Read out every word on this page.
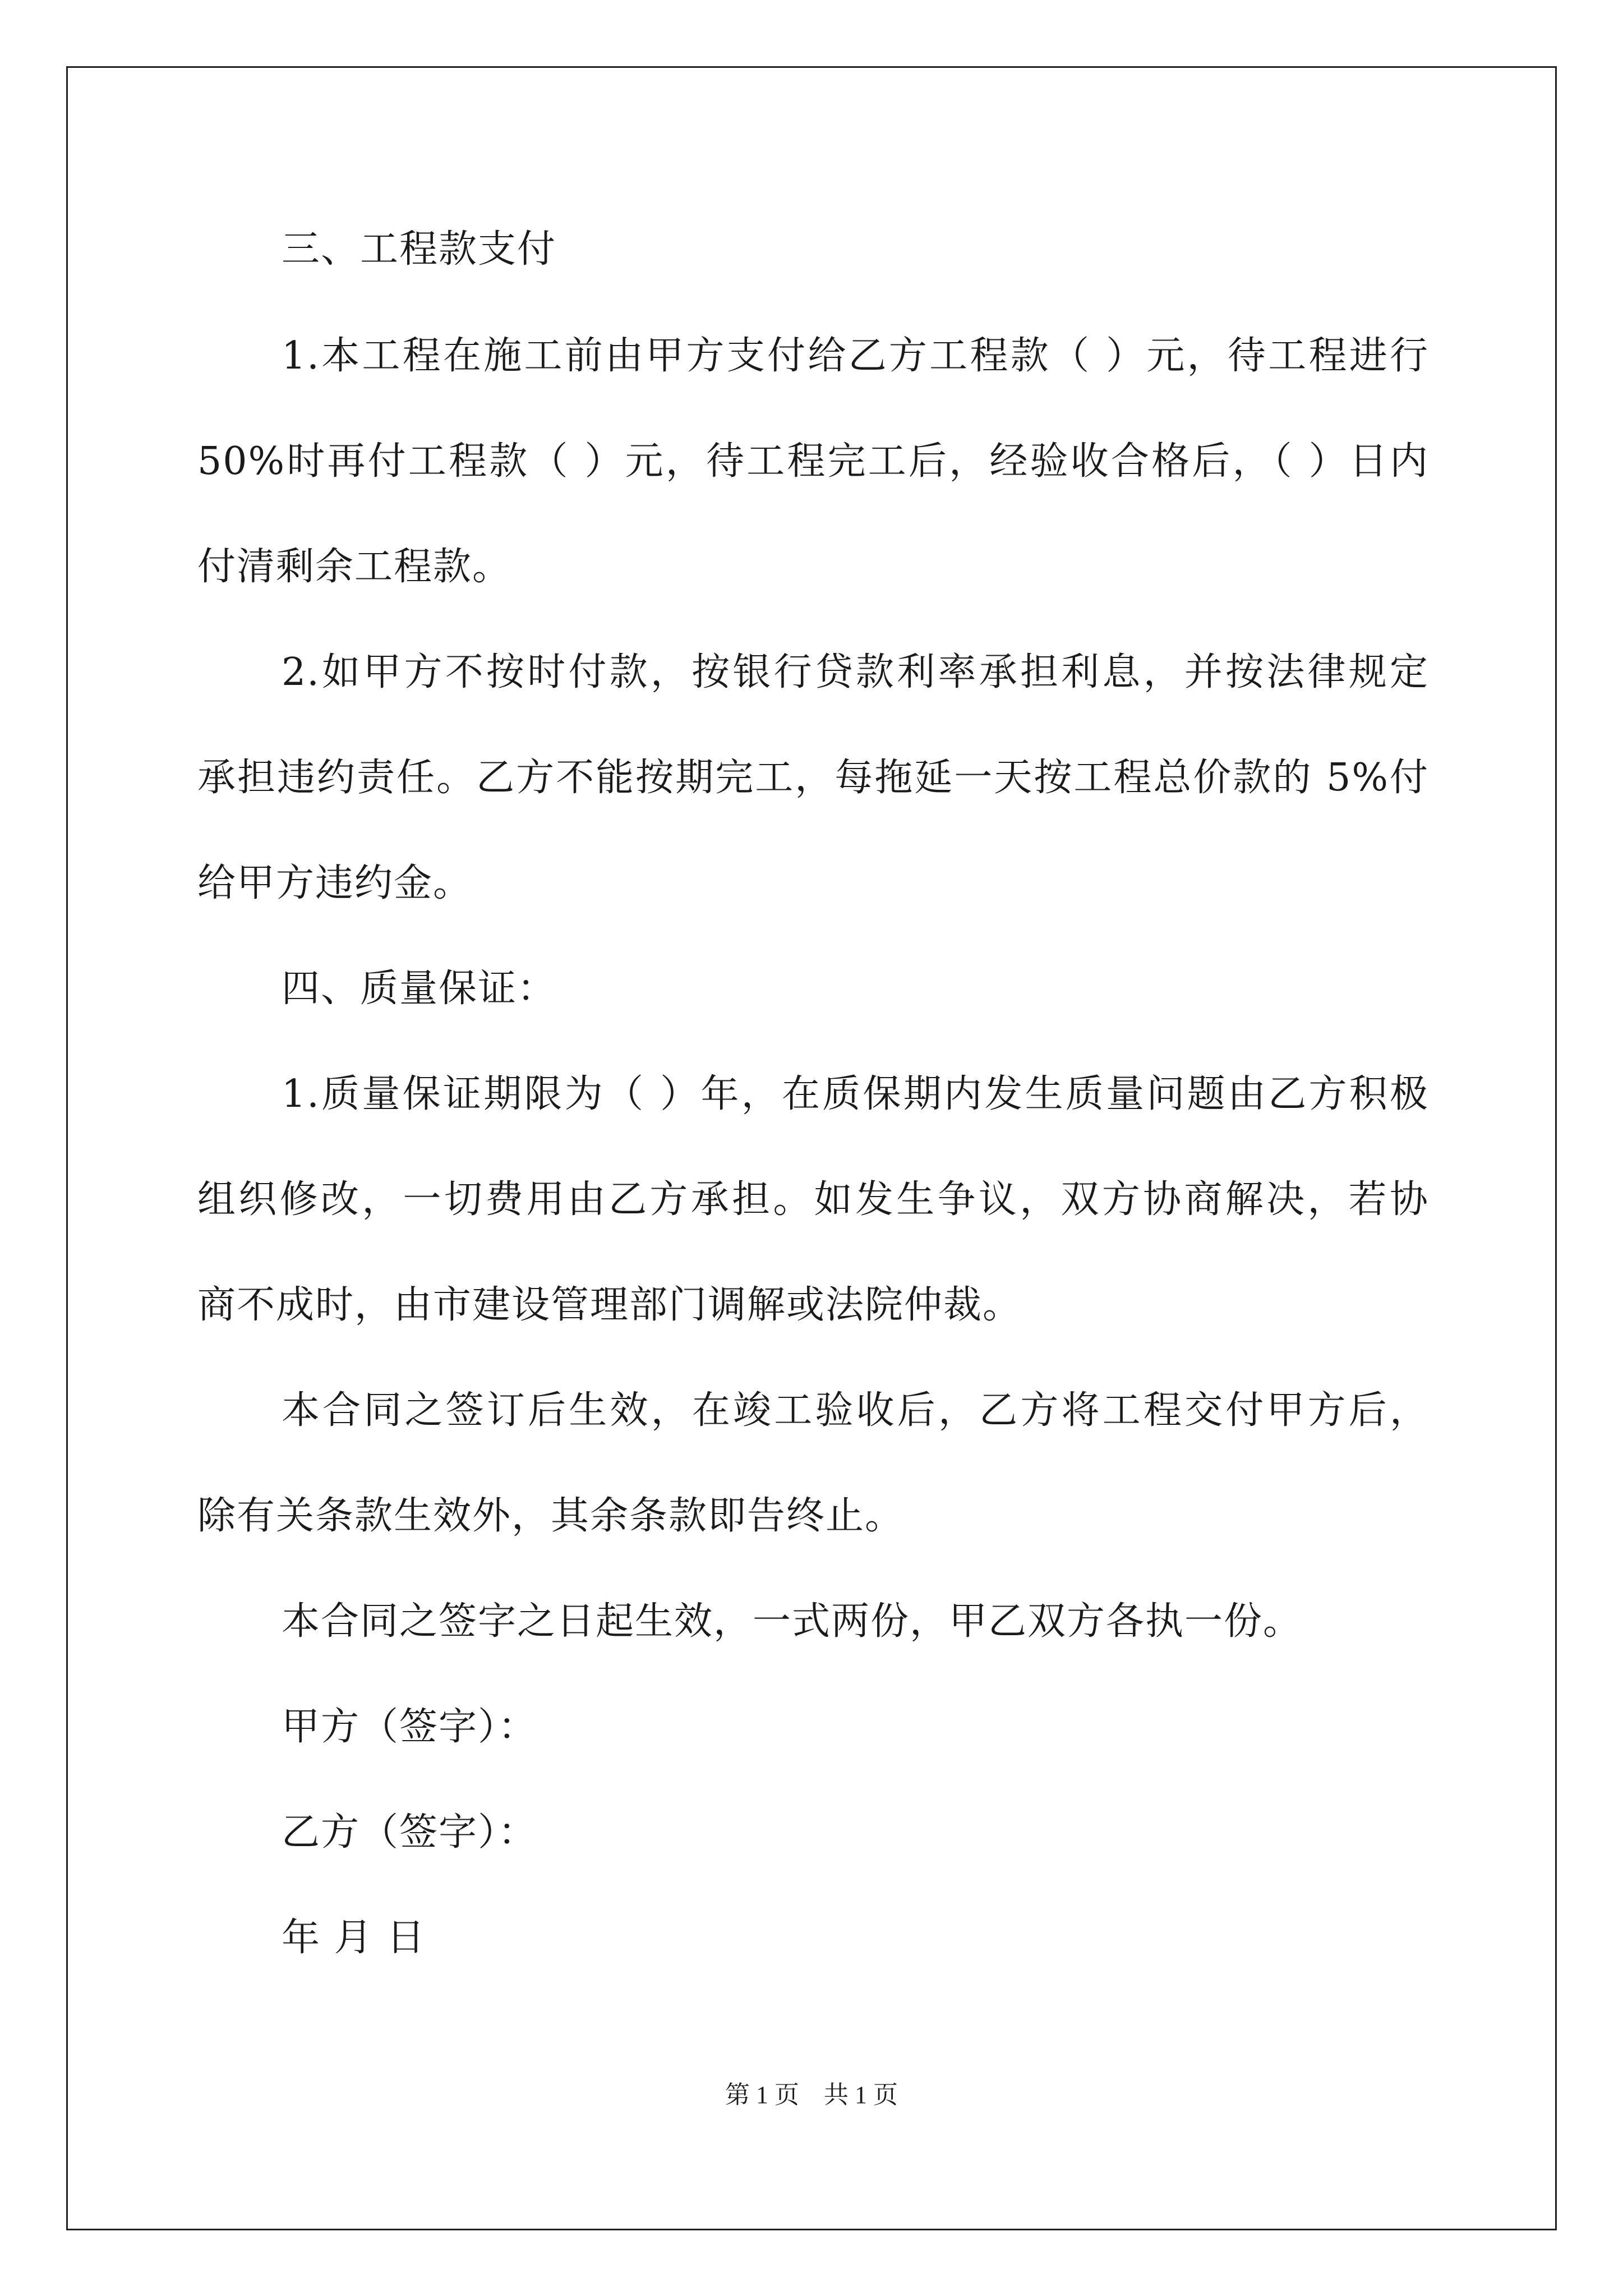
三、工程款支付
1.本工程在施工前由甲方支付给乙方工程款（ ）元，待工程进行
50%时再付工程款（ ）元，待工程完工后，经验收合格后，（ ）日内
付清剩余工程款。
2.如甲方不按时付款，按银行贷款利率承担利息，并按法律规定
承担违约责任。乙方不能按期完工，每拖延一天按工程总价款的 5%付
给甲方违约金。
四、质量保证：
1.质量保证期限为（ ）年，在质保期内发生质量问题由乙方积极
组织修改，一切费用由乙方承担。如发生争议，双方协商解决，若协
商不成时，由市建设管理部门调解或法院仲裁。
本合同之签订后生效，在竣工验收后，乙方将工程交付甲方后，
除有关条款生效外，其余条款即告终止。
本合同之签字之日起生效，一式两份，甲乙双方各执一份。
甲方（签字）：
乙方（签字）：
年 月 日
第 1 页 共 1 页
